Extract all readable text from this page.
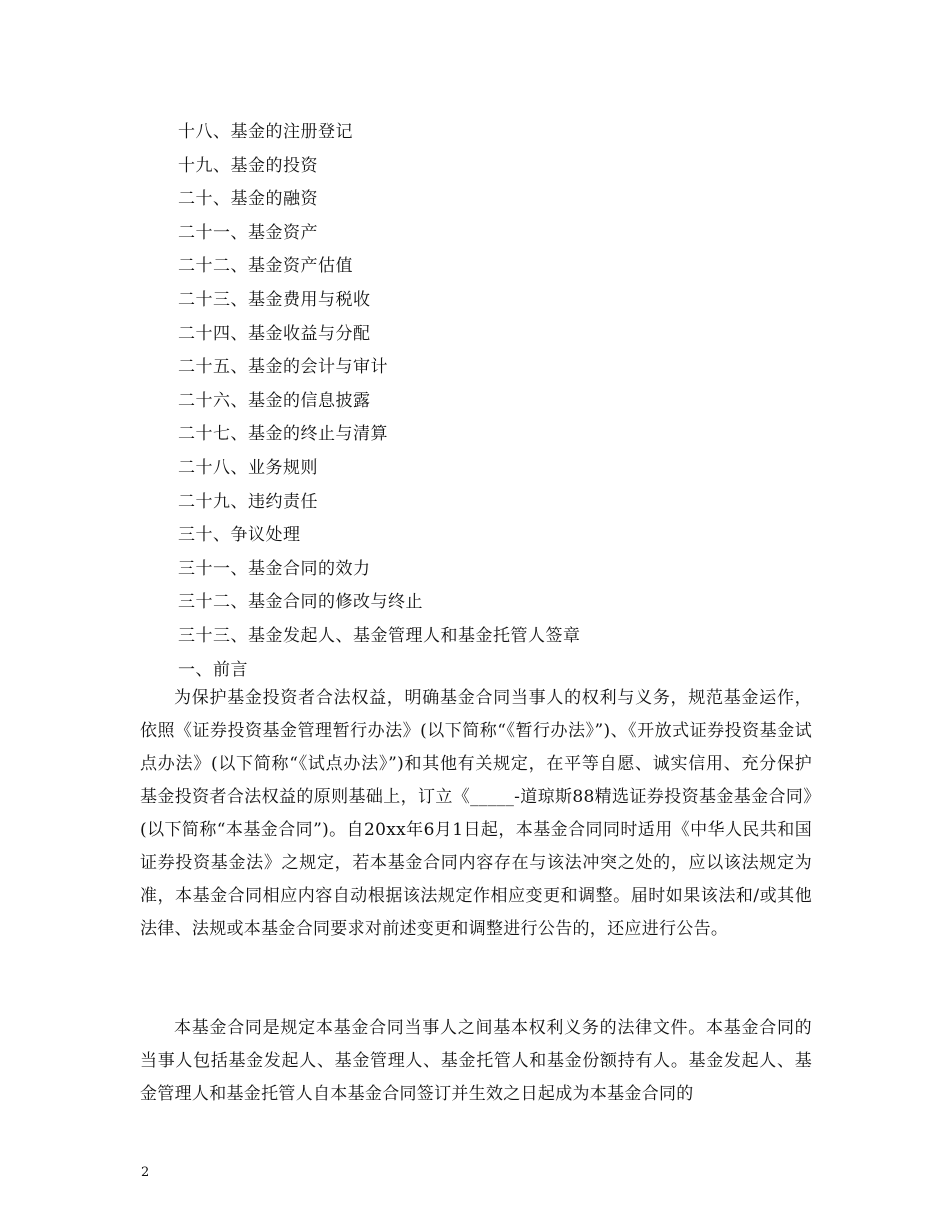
十八、基金的注册登记
十九、基金的投资
二十、基金的融资
二十一、基金资产
二十二、基金资产估值
二十三、基金费用与税收
二十四、基金收益与分配
二十五、基金的会计与审计
二十六、基金的信息披露
二十七、基金的终止与清算
二十八、业务规则
二十九、违约责任
三十、争议处理
三十一、基金合同的效力
三十二、基金合同的修改与终止
三十三、基金发起人、基金管理人和基金托管人签章
一、前言

为保护基金投资者合法权益，明确基金合同当事人的权利与义务，规范基金运作，依照《证券投资基金管理暂行办法》(以下简称“《暂行办法》”)、《开放式证券投资基金试点办法》(以下简称“《试点办法》”)和其他有关规定，在平等自愿、诚实信用、充分保护基金投资者合法权益的原则基础上，订立《_____-道琼斯88精选证券投资基金基金合同》(以下简称“本基金合同”)。自20xx年6月1日起，本基金合同同时适用《中华人民共和国证券投资基金法》之规定，若本基金合同内容存在与该法冲突之处的，应以该法规定为准，本基金合同相应内容自动根据该法规定作相应变更和调整。届时如果该法和/或其他法律、法规或本基金合同要求对前述变更和调整进行公告的，还应进行公告。

本基金合同是规定本基金合同当事人之间基本权利义务的法律文件。本基金合同的当事人包括基金发起人、基金管理人、基金托管人和基金份额持有人。基金发起人、基金管理人和基金托管人自本基金合同签订并生效之日起成为本基金合同的

2
